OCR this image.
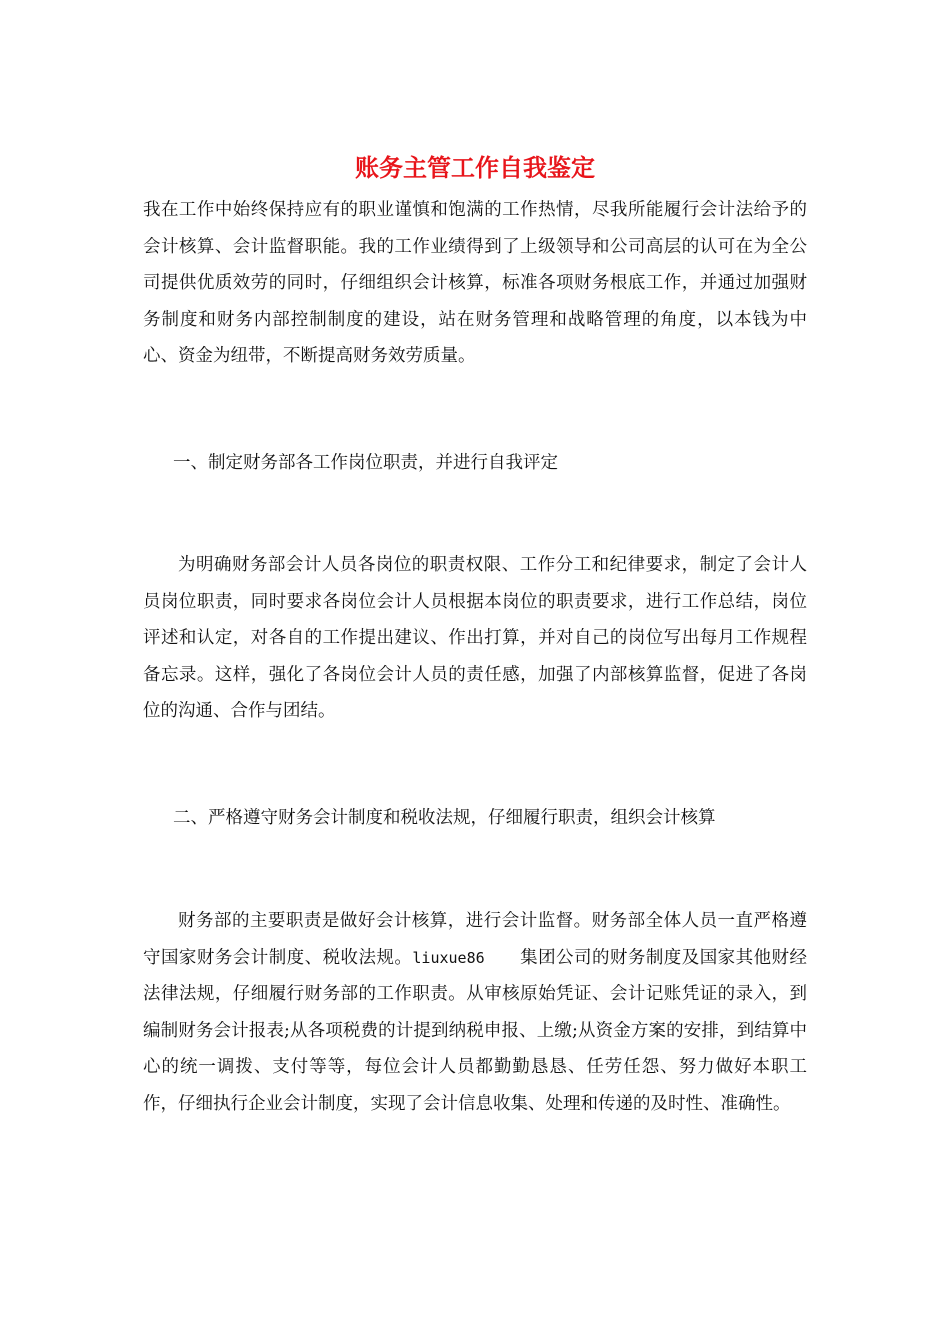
账务主管工作自我鉴定

我在工作中始终保持应有的职业谨慎和饱满的工作热情，尽我所能履行会计法给予的会计核算、会计监督职能。我的工作业绩得到了上级领导和公司高层的认可在为全公司提供优质效劳的同时，仔细组织会计核算，标准各项财务根底工作，并通过加强财务制度和财务内部控制制度的建设，站在财务管理和战略管理的角度，以本钱为中心、资金为纽带，不断提高财务效劳质量。

一、制定财务部各工作岗位职责，并进行自我评定

为明确财务部会计人员各岗位的职责权限、工作分工和纪律要求，制定了会计人员岗位职责，同时要求各岗位会计人员根据本岗位的职责要求，进行工作总结，岗位评述和认定，对各自的工作提出建议、作出打算，并对自己的岗位写出每月工作规程备忘录。这样，强化了各岗位会计人员的责任感，加强了内部核算监督，促进了各岗位的沟通、合作与团结。

二、严格遵守财务会计制度和税收法规，仔细履行职责，组织会计核算

财务部的主要职责是做好会计核算，进行会计监督。财务部全体人员一直严格遵守国家财务会计制度、税收法规。liuxue86   集团公司的财务制度及国家其他财经法律法规，仔细履行财务部的工作职责。从审核原始凭证、会计记账凭证的录入，到编制财务会计报表;从各项税费的计提到纳税申报、上缴;从资金方案的安排，到结算中心的统一调拨、支付等等，每位会计人员都勤勤恳恳、任劳任怨、努力做好本职工作，仔细执行企业会计制度，实现了会计信息收集、处理和传递的及时性、准确性。
